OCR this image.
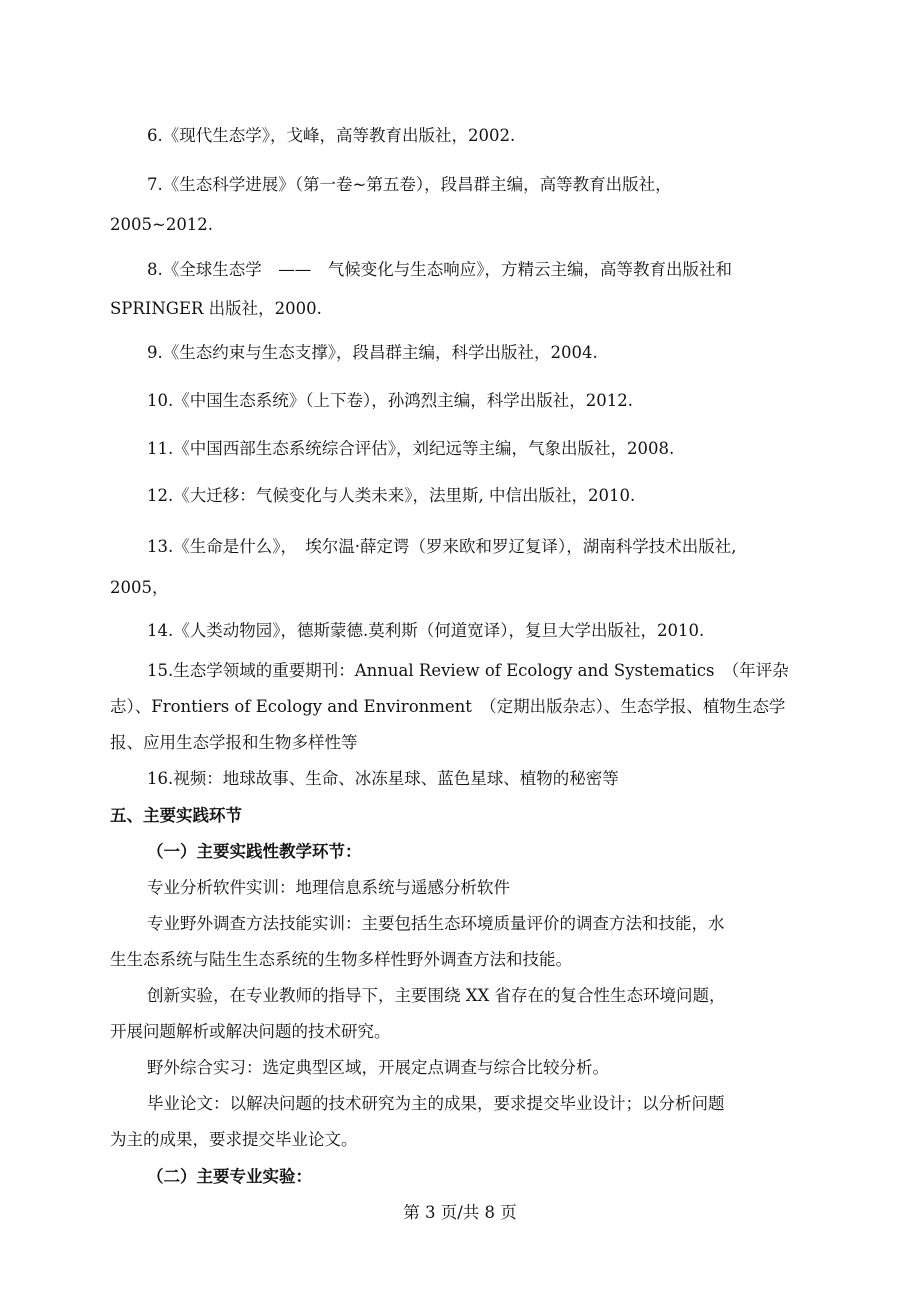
6.《现代生态学》，戈峰，高等教育出版社，2002.
7.《生态科学进展》（第一卷~第五卷），段昌群主编，高等教育出版社，
2005~2012.
8.《全球生态学　——　气候变化与生态响应》，方精云主编，高等教育出版社和
SPRINGER 出版社，2000.
9.《生态约束与生态支撑》，段昌群主编，科学出版社，2004.
10.《中国生态系统》（上下卷），孙鸿烈主编，科学出版社，2012.
11.《中国西部生态系统综合评估》，刘纪远等主编，气象出版社，2008.
12.《大迁移：气候变化与人类未来》，法里斯, 中信出版社，2010.
13.《生命是什么》，　埃尔温·薛定谔（罗来欧和罗辽复译），湖南科学技术出版社,
2005，
14.《人类动物园》，德斯蒙德.莫利斯（何道宽译），复旦大学出版社，2010.
15.生态学领域的重要期刊：Annual Review of Ecology and Systematics　（年评杂
志）、Frontiers of Ecology and Environment　（定期出版杂志）、生态学报、植物生态学
报、应用生态学报和生物多样性等
16.视频：地球故事、生命、冰冻星球、蓝色星球、植物的秘密等
五、主要实践环节
（一）主要实践性教学环节：
专业分析软件实训：地理信息系统与遥感分析软件
专业野外调查方法技能实训：主要包括生态环境质量评价的调查方法和技能，水
生生态系统与陆生生态系统的生物多样性野外调查方法和技能。
创新实验，在专业教师的指导下，主要围绕 XX 省存在的复合性生态环境问题，
开展问题解析或解决问题的技术研究。
野外综合实习：选定典型区域，开展定点调查与综合比较分析。
毕业论文：以解决问题的技术研究为主的成果，要求提交毕业设计；以分析问题
为主的成果，要求提交毕业论文。
（二）主要专业实验：
第 3 页/共 8 页
